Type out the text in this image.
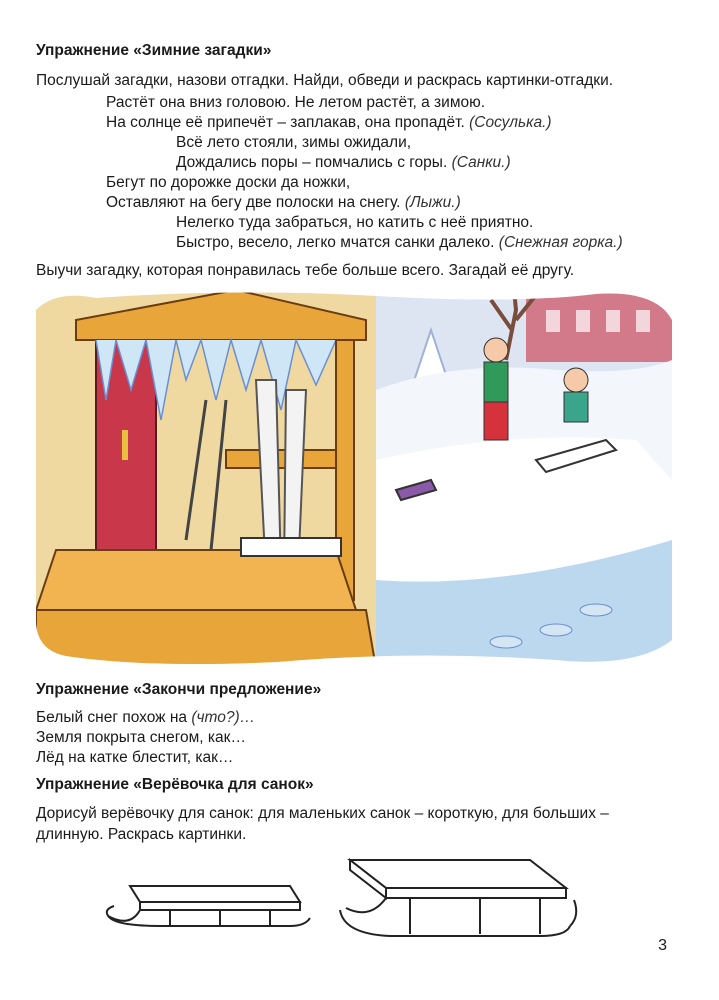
Упражнение «Зимние загадки»
Послушай загадки, назови отгадки. Найди, обведи и раскрась картинки-отгадки.
Растёт она вниз головою. Не летом растёт, а зимою.
На солнце её припечёт – заплакав, она пропадёт. (Сосулька.)
Всё лето стояли, зимы ожидали,
Дождались поры – помчались с горы. (Санки.)
Бегут по дорожке доски да ножки,
Оставляют на бегу две полоски на снегу. (Лыжи.)
Нелегко туда забраться, но катить с неё приятно.
Быстро, весело, легко мчатся санки далеко. (Снежная горка.)
Выучи загадку, которая понравилась тебе больше всего. Загадай её другу.
Упражнение «Закончи предложение»
Белый снег похож на (что?)…
Земля покрыта снегом, как…
Лёд на катке блестит, как…
Упражнение «Верёвочка для санок»
Дорисуй верёвочку для санок: для маленьких санок – короткую, для больших –
длинную. Раскрась картинки.
3
